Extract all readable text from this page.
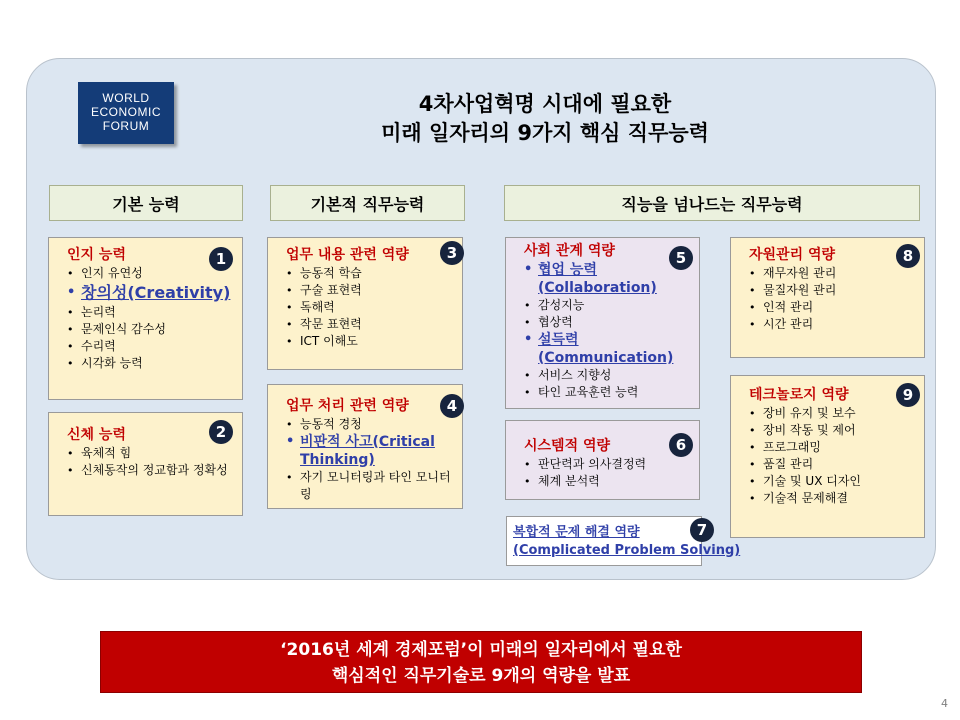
WORLD
ECONOMIC
FORUM
4차사업혁명 시대에 필요한
미래 일자리의 9가지 핵심 직무능력
기본 능력	기본적 직무능력	직능을 넘나드는 직무능력
인지 능력
• 인지 유연성
• 창의성(Creativity)
• 논리력
• 문제인식 감수성
• 수리력
• 시각화 능력
1
신체 능력
• 육체적 힘
• 신체동작의 정교함과 정확성
2
업무 내용 관련 역량
• 능동적 학습
• 구술 표현력
• 독해력
• 작문 표현력
• ICT 이해도
3
업무 처리 관련 역량
• 능동적 경청
• 비판적 사고(Critical Thinking)
• 자기 모니터링과 타인 모니터링
4
사회 관계 역량
• 협업 능력 (Collaboration)
• 감성지능
• 협상력
• 설득력 (Communication)
• 서비스 지향성
• 타인 교육훈련 능력
5
시스템적 역량
• 판단력과 의사결정력
• 체계 분석력
6
복합적 문제 해결 역량
(Complicated Problem Solving)
7
자원관리 역량
• 재무자원 관리
• 물질자원 관리
• 인적 관리
• 시간 관리
8
테크놀로지 역량
• 장비 유지 및 보수
• 장비 작동 및 제어
• 프로그래밍
• 품질 관리
• 기술 및 UX 디자인
• 기술적 문제해결
9
‘2016년 세계 경제포럼’이 미래의 일자리에서 필요한
핵심적인 직무기술로 9개의 역량을 발표
4
